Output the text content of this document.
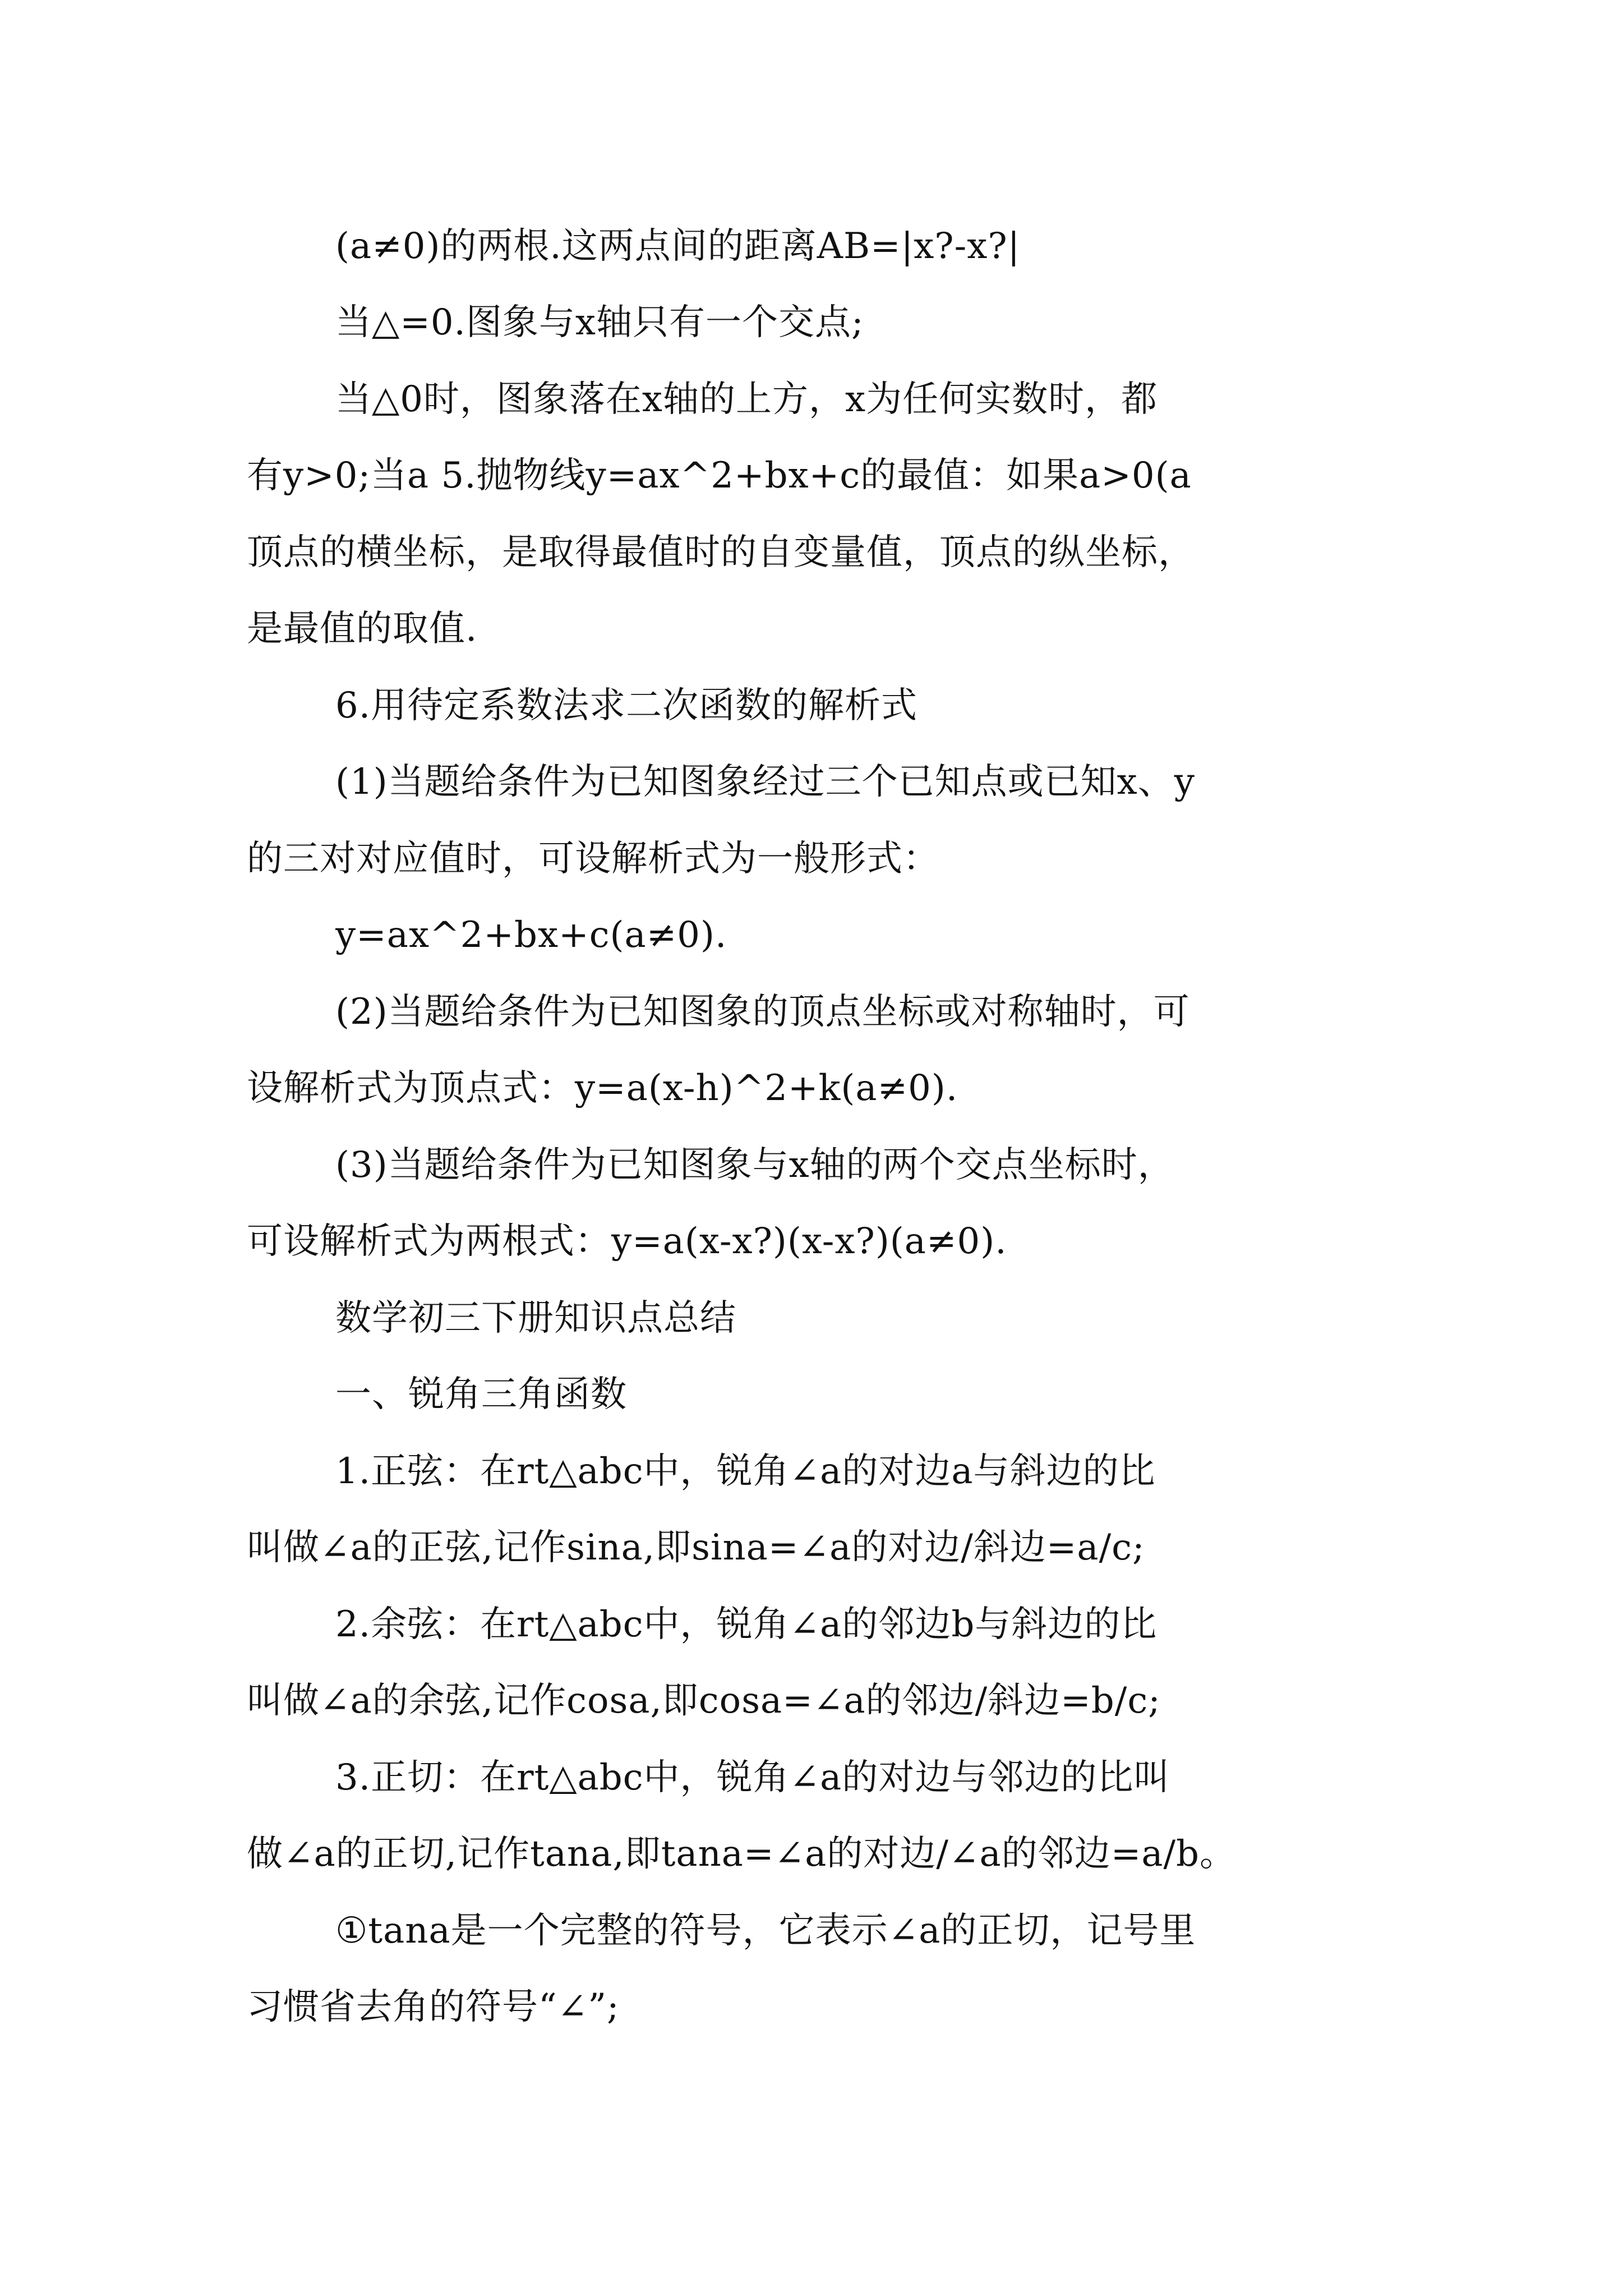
(a≠0)的两根.这两点间的距离AB=|x?-x?|
当△=0.图象与x轴只有一个交点;
当△0时，图象落在x轴的上方，x为任何实数时，都
有y>0;当a 5.抛物线y=ax^2+bx+c的最值：如果a>0(a
顶点的横坐标，是取得最值时的自变量值，顶点的纵坐标，
是最值的取值.
6.用待定系数法求二次函数的解析式
(1)当题给条件为已知图象经过三个已知点或已知x、y
的三对对应值时，可设解析式为一般形式：
y=ax^2+bx+c(a≠0).
(2)当题给条件为已知图象的顶点坐标或对称轴时，可
设解析式为顶点式：y=a(x-h)^2+k(a≠0).
(3)当题给条件为已知图象与x轴的两个交点坐标时，
可设解析式为两根式：y=a(x-x?)(x-x?)(a≠0).
数学初三下册知识点总结
一、锐角三角函数
1.正弦：在rt△abc中，锐角∠a的对边a与斜边的比
叫做∠a的正弦,记作sina,即sina=∠a的对边/斜边=a/c;
2.余弦：在rt△abc中，锐角∠a的邻边b与斜边的比
叫做∠a的余弦,记作cosa,即cosa=∠a的邻边/斜边=b/c;
3.正切：在rt△abc中，锐角∠a的对边与邻边的比叫
做∠a的正切,记作tana,即tana=∠a的对边/∠a的邻边=a/b。
①tana是一个完整的符号，它表示∠a的正切，记号里
习惯省去角的符号“∠”;
